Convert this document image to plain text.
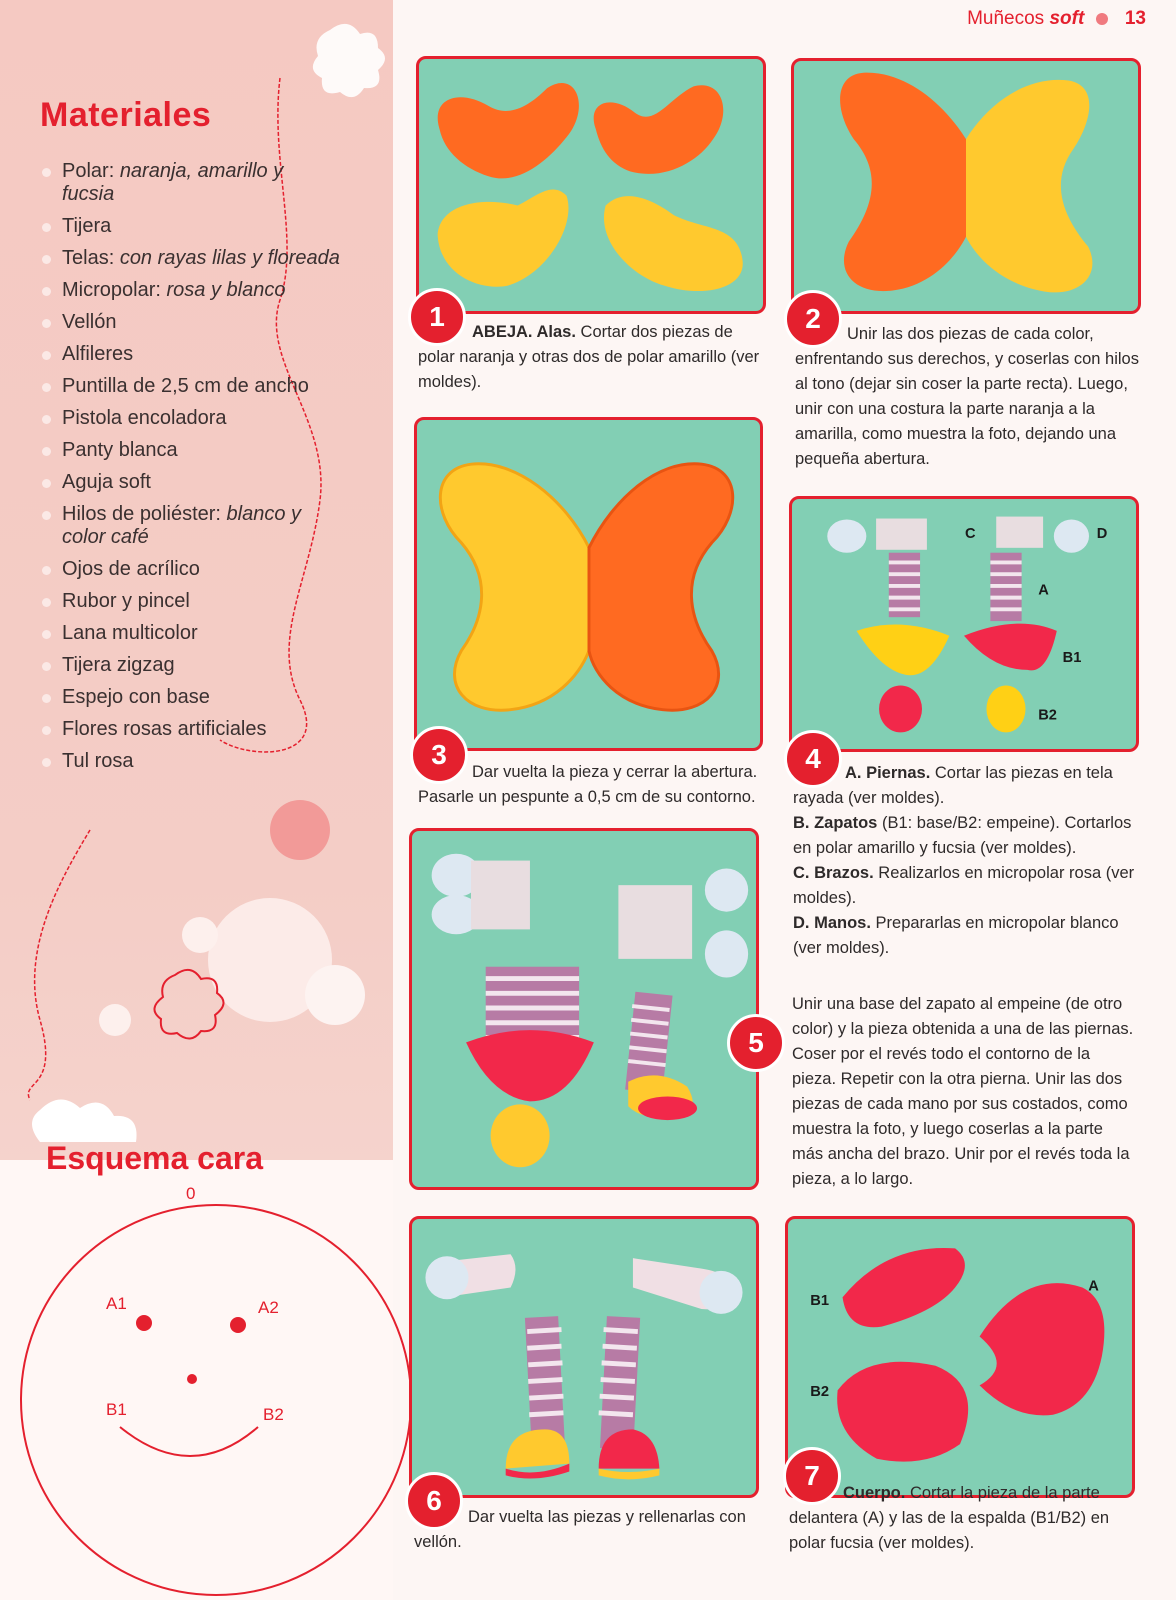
Materiales
Polar: naranja, amarillo y fucsia
Tijera
Telas: con rayas lilas y floreada
Micropolar: rosa y blanco
Vellón
Alfileres
Puntilla de 2,5 cm de ancho
Pistola encoladora
Panty blanca
Aguja soft
Hilos de poliéster: blanco y color café
Ojos de acrílico
Rubor y pincel
Lana multicolor
Tijera zigzag
Espejo con base
Flores rosas artificiales
Tul rosa
Esquema cara
0
A1	A2
B1	B2
Muñecos soft 13
1	ABEJA. Alas. Cortar dos piezas de polar naranja y otras dos de polar amarillo (ver moldes).
2	Unir las dos piezas de cada color, enfrentando sus derechos, y coserlas con hilos al tono (dejar sin coser la parte recta). Luego, unir con una costura la parte naranja a la amarilla, como muestra la foto, dejando una pequeña abertura.
3
Dar vuelta la pieza y cerrar la abertura. Pasarle un pespunte a 0,5 cm de su contorno.
C	D
A
B1
B2
4	A. Piernas. Cortar las piezas en tela rayada (ver moldes).
B. Zapatos (B1: base/B2: empeine). Cortarlos en polar amarillo y fucsia (ver moldes).
C. Brazos. Realizarlos en micropolar rosa (ver moldes).
D. Manos. Prepararlas en micropolar blanco (ver moldes).
5
Unir una base del zapato al empeine (de otro color) y la pieza obtenida a una de las piernas. Coser por el revés todo el contorno de la pieza. Repetir con la otra pierna. Unir las dos piezas de cada mano por sus costados, como muestra la foto, y luego coserlas a la parte más ancha del brazo. Unir por el revés toda la pieza, a lo largo.
6
Dar vuelta las piezas y rellenarlas con vellón.
B1
A
B2
7
Cuerpo. Cortar la pieza de la parte delantera (A) y las de la espalda (B1/B2) en polar fucsia (ver moldes).
